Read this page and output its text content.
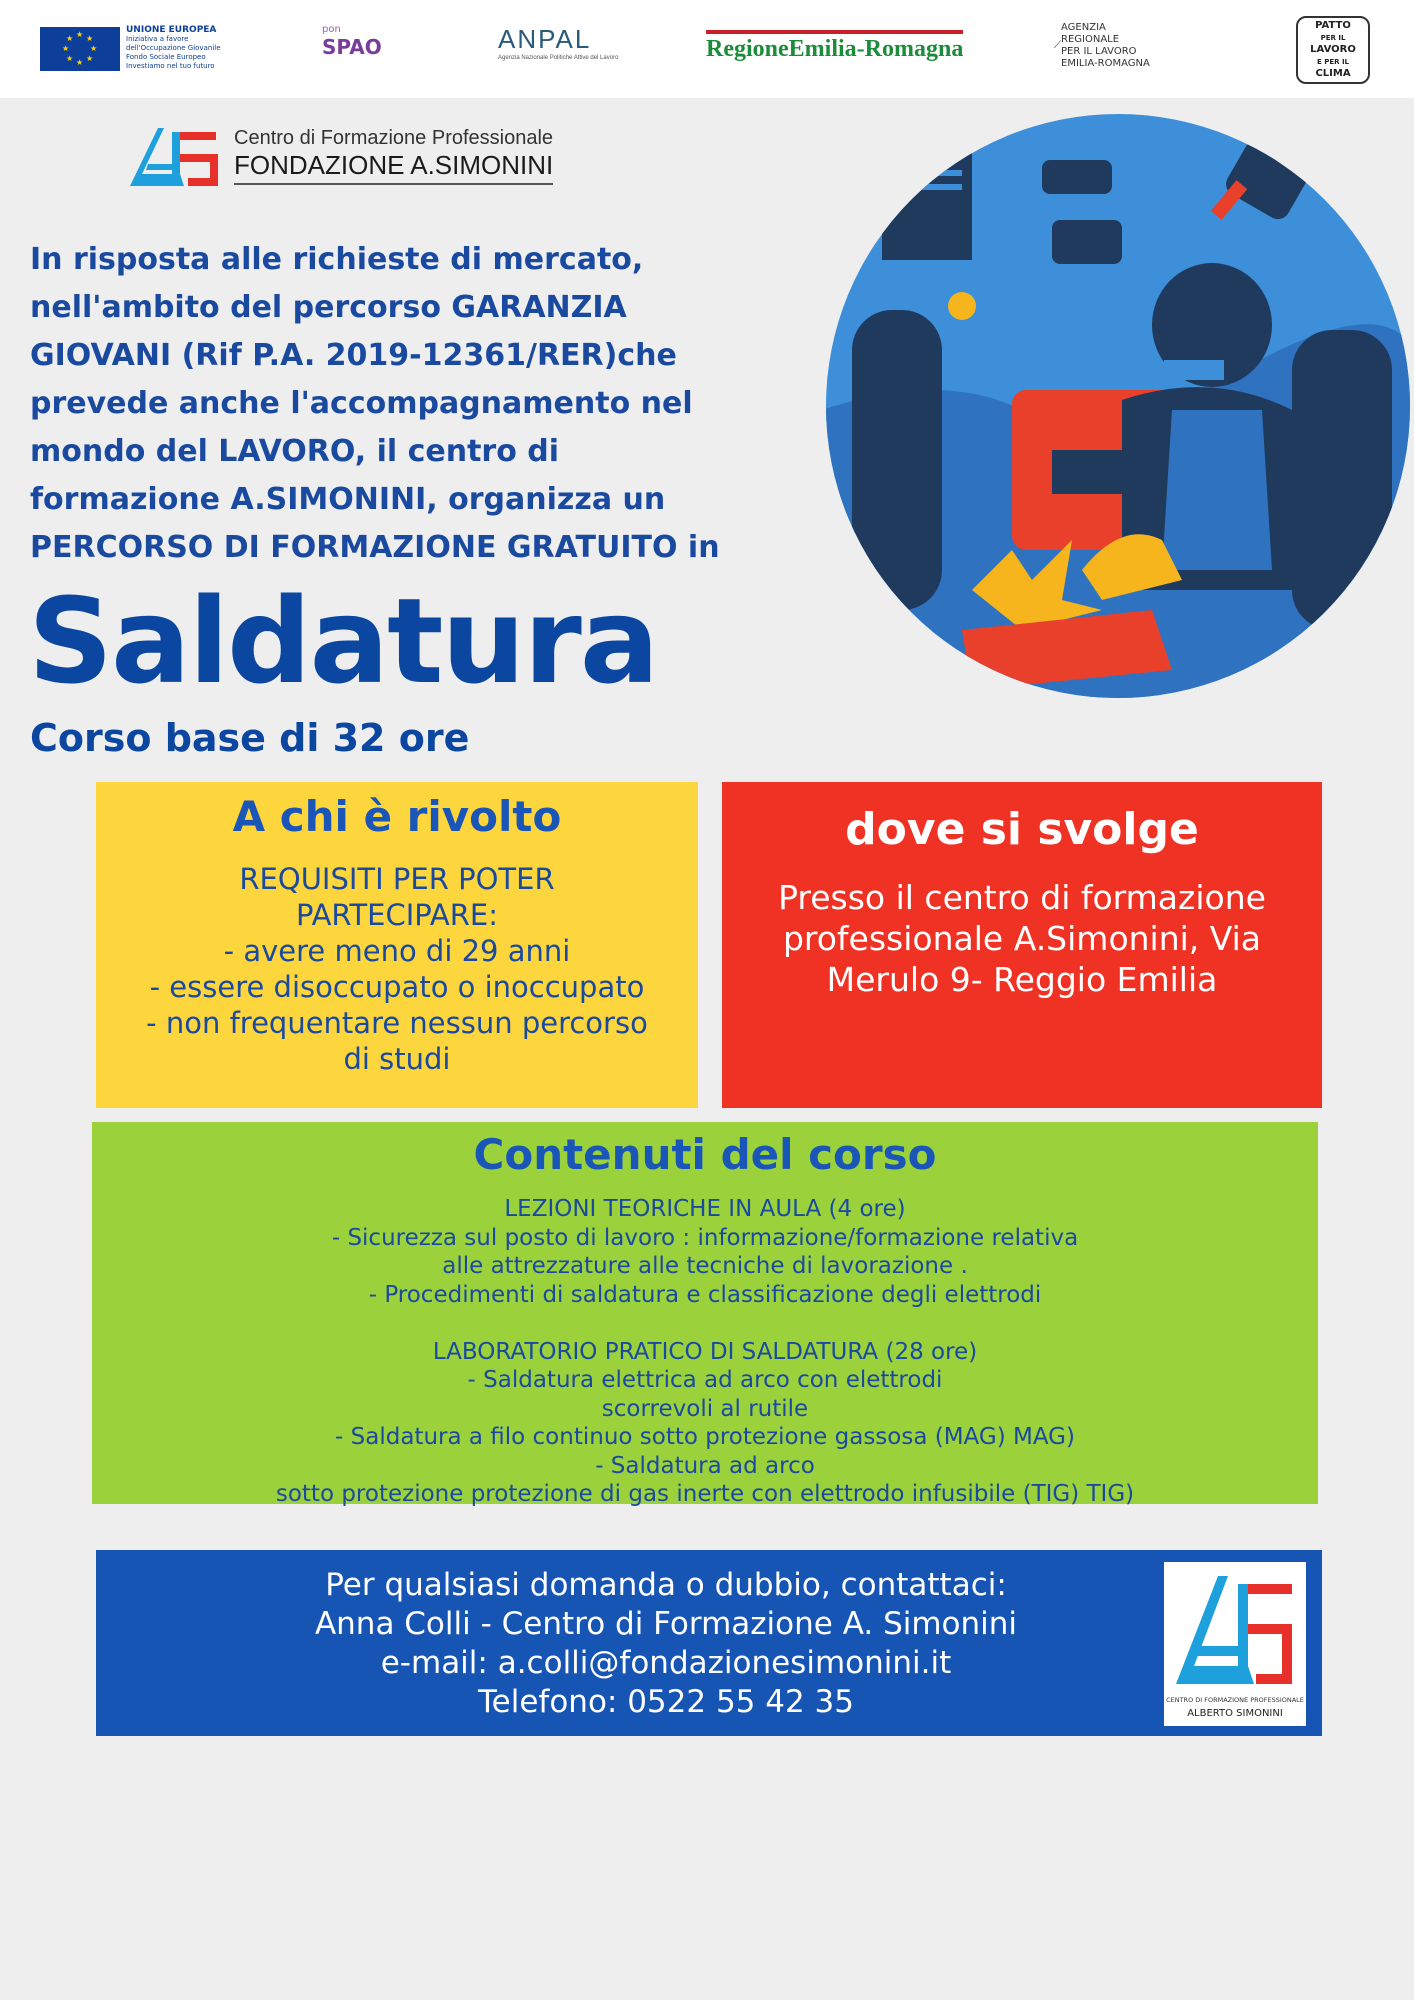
★ ★
★
★
★
★
★
★
UNIONE EUROPEA
Iniziativa a favore dell'Occupazione Giovanile
Fondo Sociale Europeo
Investiamo nel tuo futuro
pon
SPAO	ANPAL
Agenzia Nazionale Politiche Attive del Lavoro	RegioneEmilia-Romagna	⟋
AGENZIA
REGIONALE
PER IL LAVORO
EMILIA-ROMAGNA
PATTO
PER IL
LAVORO
E PER IL
CLIMA
Centro di Formazione Professionale
FONDAZIONE A.SIMONINI
In risposta alle richieste di mercato,
nell'ambito del percorso GARANZIA
GIOVANI (Rif P.A. 2019-12361/RER)che
prevede anche l'accompagnamento nel
mondo del LAVORO, il centro di
formazione A.SIMONINI, organizza un
PERCORSO DI FORMAZIONE GRATUITO in
Saldatura
Corso base di 32 ore
A chi è rivolto
REQUISITI PER POTER
PARTECIPARE:
- avere meno di 29 anni
- essere disoccupato o inoccupato
- non frequentare nessun percorso
di studi
dove si svolge
Presso il centro di formazione
professionale A.Simonini, Via
Merulo 9- Reggio Emilia
Contenuti del corso
LEZIONI TEORICHE IN AULA (4 ore)
- Sicurezza sul posto di lavoro : informazione/formazione relativa
alle attrezzature alle tecniche di lavorazione .
- Procedimenti di saldatura e classificazione degli elettrodi

LABORATORIO PRATICO DI SALDATURA (28 ore)
- Saldatura elettrica ad arco con elettrodi
scorrevoli al rutile
- Saldatura a filo continuo sotto protezione gassosa (MAG) MAG)
- Saldatura ad arco
sotto protezione protezione di gas inerte con elettrodo infusibile (TIG) TIG)
Per qualsiasi domanda o dubbio, contattaci:
Anna Colli - Centro di Formazione A. Simonini
e-mail: a.colli@fondazionesimonini.it
Telefono: 0522 55 42 35	CENTRO DI FORMAZIONE PROFESSIONALE
ALBERTO SIMONINI
